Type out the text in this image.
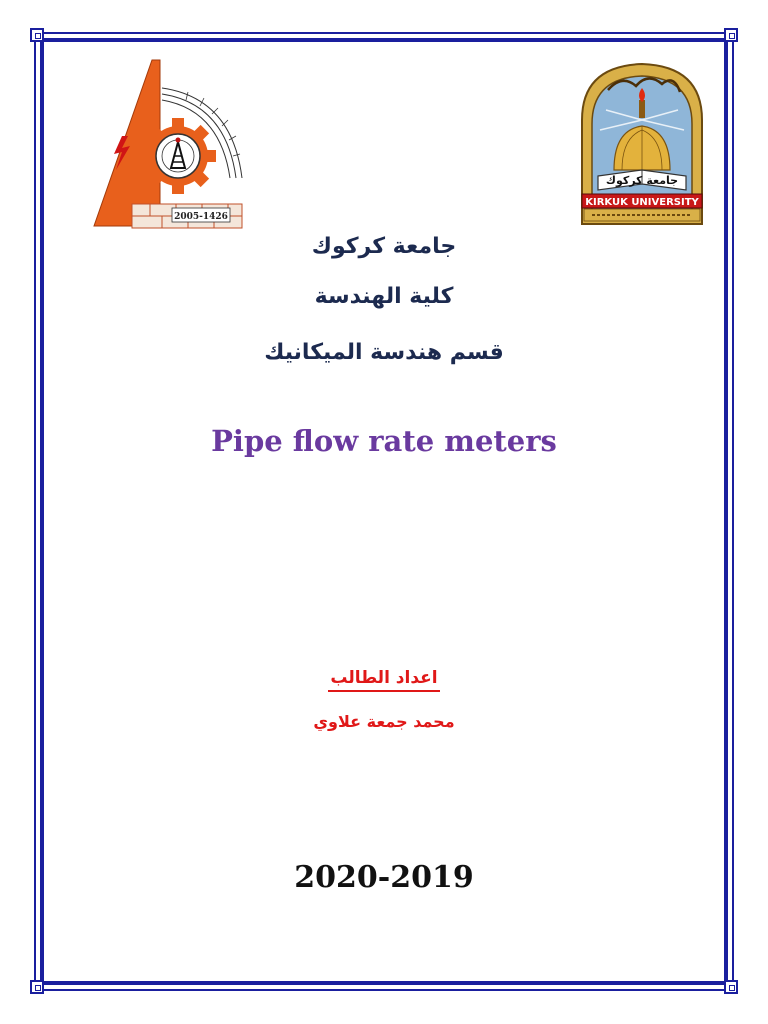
2005-1426
جامعة كركوك
KIRKUK UNIVERSITY
جامعة كركوك
كلية الهندسة
قسم هندسة الميكانيك
Pipe flow rate meters
اعداد الطالب
محمد جمعة علاوي
2020-2019
